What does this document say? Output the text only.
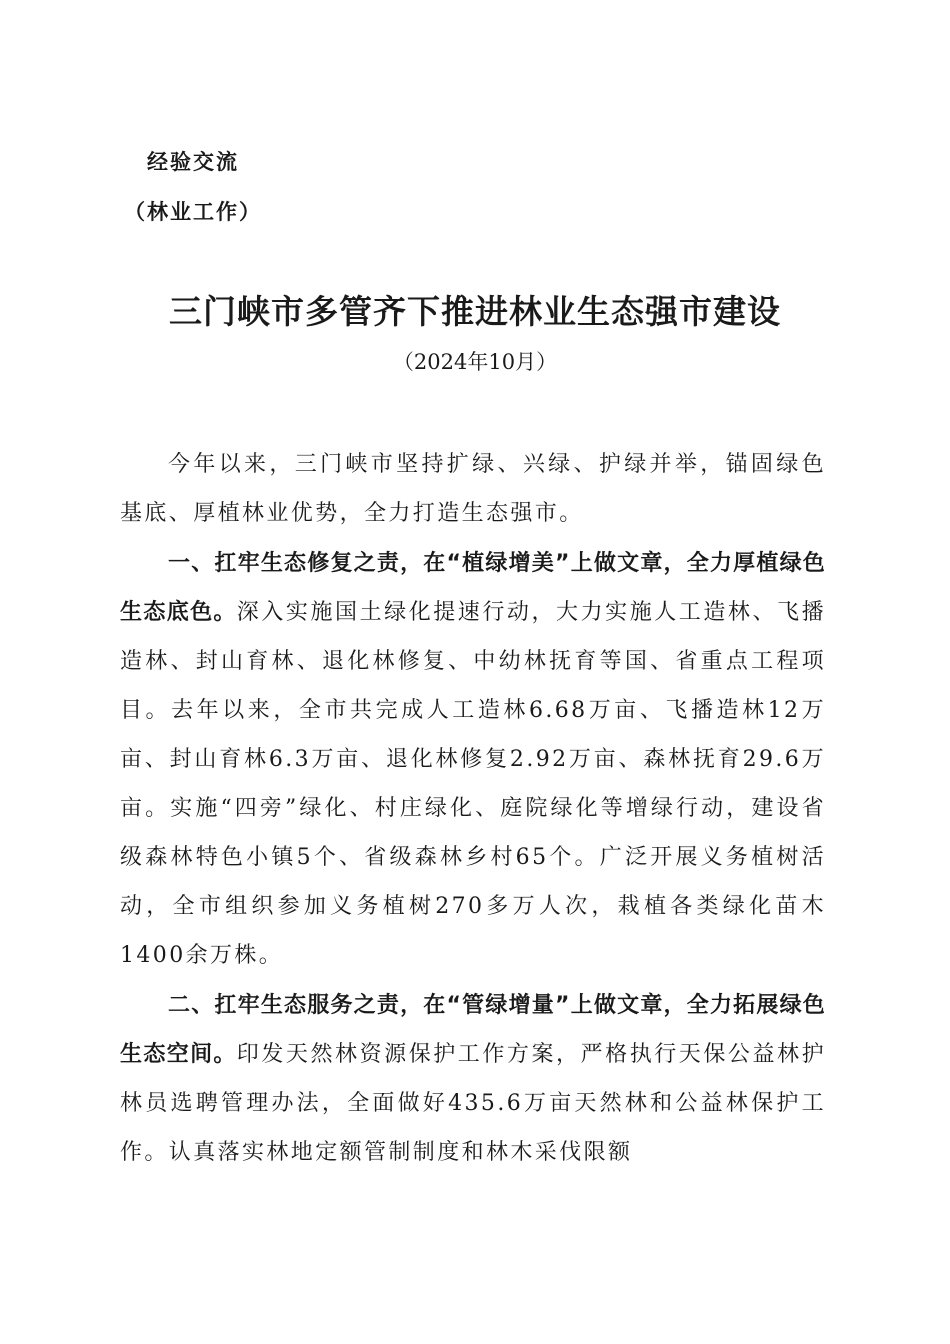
经验交流
（林业工作）
三门峡市多管齐下推进林业生态强市建设
（2024年10月）

今年以来，三门峡市坚持扩绿、兴绿、护绿并举，锚固绿色基底、厚植林业优势，全力打造生态强市。

一、扛牢生态修复之责，在“植绿增美”上做文章，全力厚植绿色生态底色。深入实施国土绿化提速行动，大力实施人工造林、飞播造林、封山育林、退化林修复、中幼林抚育等国、省重点工程项目。去年以来，全市共完成人工造林6.68万亩、飞播造林12万亩、封山育林6.3万亩、退化林修复2.92万亩、森林抚育29.6万亩。实施“四旁”绿化、村庄绿化、庭院绿化等增绿行动，建设省级森林特色小镇5个、省级森林乡村65个。广泛开展义务植树活动，全市组织参加义务植树270多万人次，栽植各类绿化苗木1400余万株。

二、扛牢生态服务之责，在“管绿增量”上做文章，全力拓展绿色生态空间。印发天然林资源保护工作方案，严格执行天保公益林护林员选聘管理办法，全面做好435.6万亩天然林和公益林保护工作。认真落实林地定额管制制度和林木采伐限额
